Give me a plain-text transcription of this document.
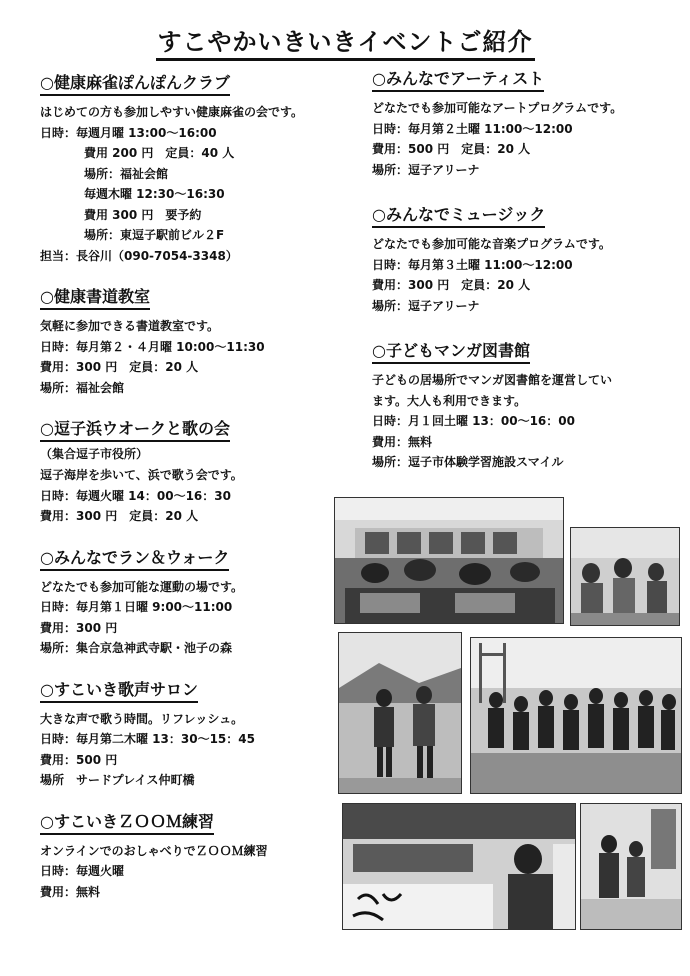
すこやかいきいきイベントご紹介
○ 健康麻雀ぽんぽんクラブ
はじめての方も参加しやすい健康麻雀の会です。
日時：毎週月曜 13:00～16:00
費用 200 円　定員：40 人
場所：福祉会館
毎週木曜 12:30～16:30
費用 300 円　要予約
場所：東逗子駅前ビル２F
担当：長谷川（090-7054-3348）
○ 健康書道教室
気軽に参加できる書道教室です。
日時：毎月第２・４月曜 10:00～11:30
費用：300 円　定員：20 人
場所：福祉会館
○ 逗子浜ウオークと歌の会
（集合逗子市役所）
逗子海岸を歩いて、浜で歌う会です。
日時：毎週火曜 14：00～16：30
費用：300 円　定員：20 人
○ みんなでラン＆ウォーク
どなたでも参加可能な運動の場です。
日時：毎月第１日曜 9:00～11:00
費用：300 円
場所：集合京急神武寺駅・池子の森
○ すこいき歌声サロン
大きな声で歌う時間。リフレッシュ。
日時：毎月第二木曜 13：30～15：45
費用：500 円
場所　サードプレイス仲町橋
○ すこいきＺＯＯＭ練習
オンラインでのおしゃべりでＺＯＯＭ練習
日時：毎週火曜
費用：無料
○ みんなでアーティスト
どなたでも参加可能なアートプログラムです。
日時：毎月第２土曜 11:00～12:00
費用：500 円　定員：20 人
場所：逗子アリーナ
○ みんなでミュージック
どなたでも参加可能な音楽プログラムです。
日時：毎月第３土曜 11:00～12:00
費用：300 円　定員：20 人
場所：逗子アリーナ
○ 子どもマンガ図書館
子どもの居場所でマンガ図書館を運営してい
ます。大人も利用できます。
日時：月１回土曜 13：00～16：00
費用：無料
場所：逗子市体験学習施設スマイル
